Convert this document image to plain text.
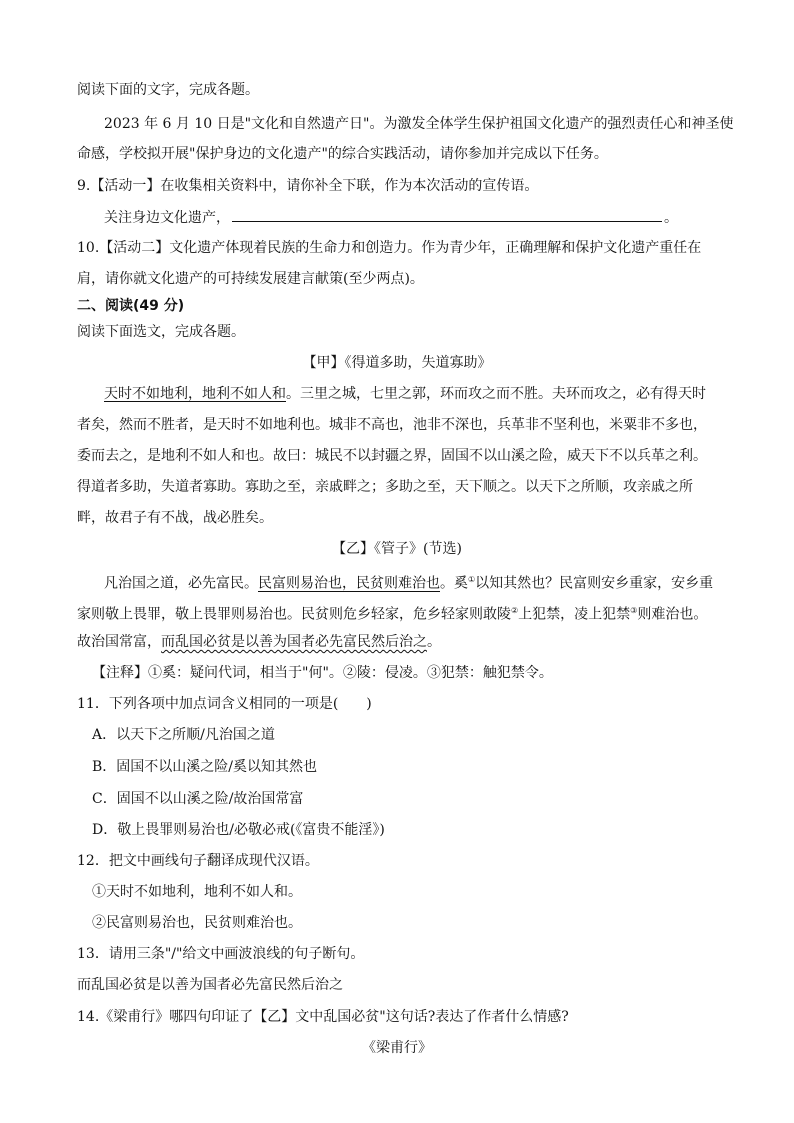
阅读下面的文字，完成各题。
2023 年 6 月 10 日是"文化和自然遗产日"。为激发全体学生保护祖国文化遗产的强烈责任心和神圣使
命感，学校拟开展"保护身边的文化遗产"的综合实践活动，请你参加并完成以下任务。
9.【活动一】在收集相关资料中，请你补全下联，作为本次活动的宣传语。
关注身边文化遗产，	。
10.【活动二】文化遗产体现着民族的生命力和创造力。作为青少年，正确理解和保护文化遗产重任在
肩，请你就文化遗产的可持续发展建言献策(至少两点)。
二、阅读(49 分)
阅读下面选文，完成各题。
【甲】《得道多助，失道寡助》
天时不如地利，地利不如人和。三里之城，七里之郭，环而攻之而不胜。夫环而攻之，必有得天时
者矣，然而不胜者，是天时不如地利也。城非不高也，池非不深也，兵革非不坚利也，米粟非不多也，
委而去之，是地利不如人和也。故曰：城民不以封疆之界，固国不以山溪之险，威天下不以兵革之利。
得道者多助，失道者寡助。寡助之至，亲戚畔之；多助之至，天下顺之。以天下之所顺，攻亲戚之所
畔，故君子有不战，战必胜矣。
【乙】《管子》(节选)
凡治国之道，必先富民。民富则易治也，民贫则难治也。奚①以知其然也？民富则安乡重家，安乡重
家则敬上畏罪，敬上畏罪则易治也。民贫则危乡轻家，危乡轻家则敢陵②上犯禁，凌上犯禁③则难治也。
故治国常富，而乱国必贫是以善为国者必先富民然后治之。
【注释】①奚：疑问代词，相当于"何"。②陵：侵凌。③犯禁：触犯禁令。
11．下列各项中加点词含义相同的一项是(　　)
A．以天下之所顺/凡治国之道
B．固国不以山溪之险/奚以知其然也
C．固国不以山溪之险/故治国常富
D．敬上畏罪则易治也/必敬必戒(《富贵不能淫》)
12．把文中画线句子翻译成现代汉语。
①天时不如地利，地利不如人和。
②民富则易治也，民贫则难治也。
13．请用三条"/"给文中画波浪线的句子断句。
而乱国必贫是以善为国者必先富民然后治之
14.《梁甫行》哪四句印证了【乙】文中乱国必贫"这句话?表达了作者什么情感?
《梁甫行》
